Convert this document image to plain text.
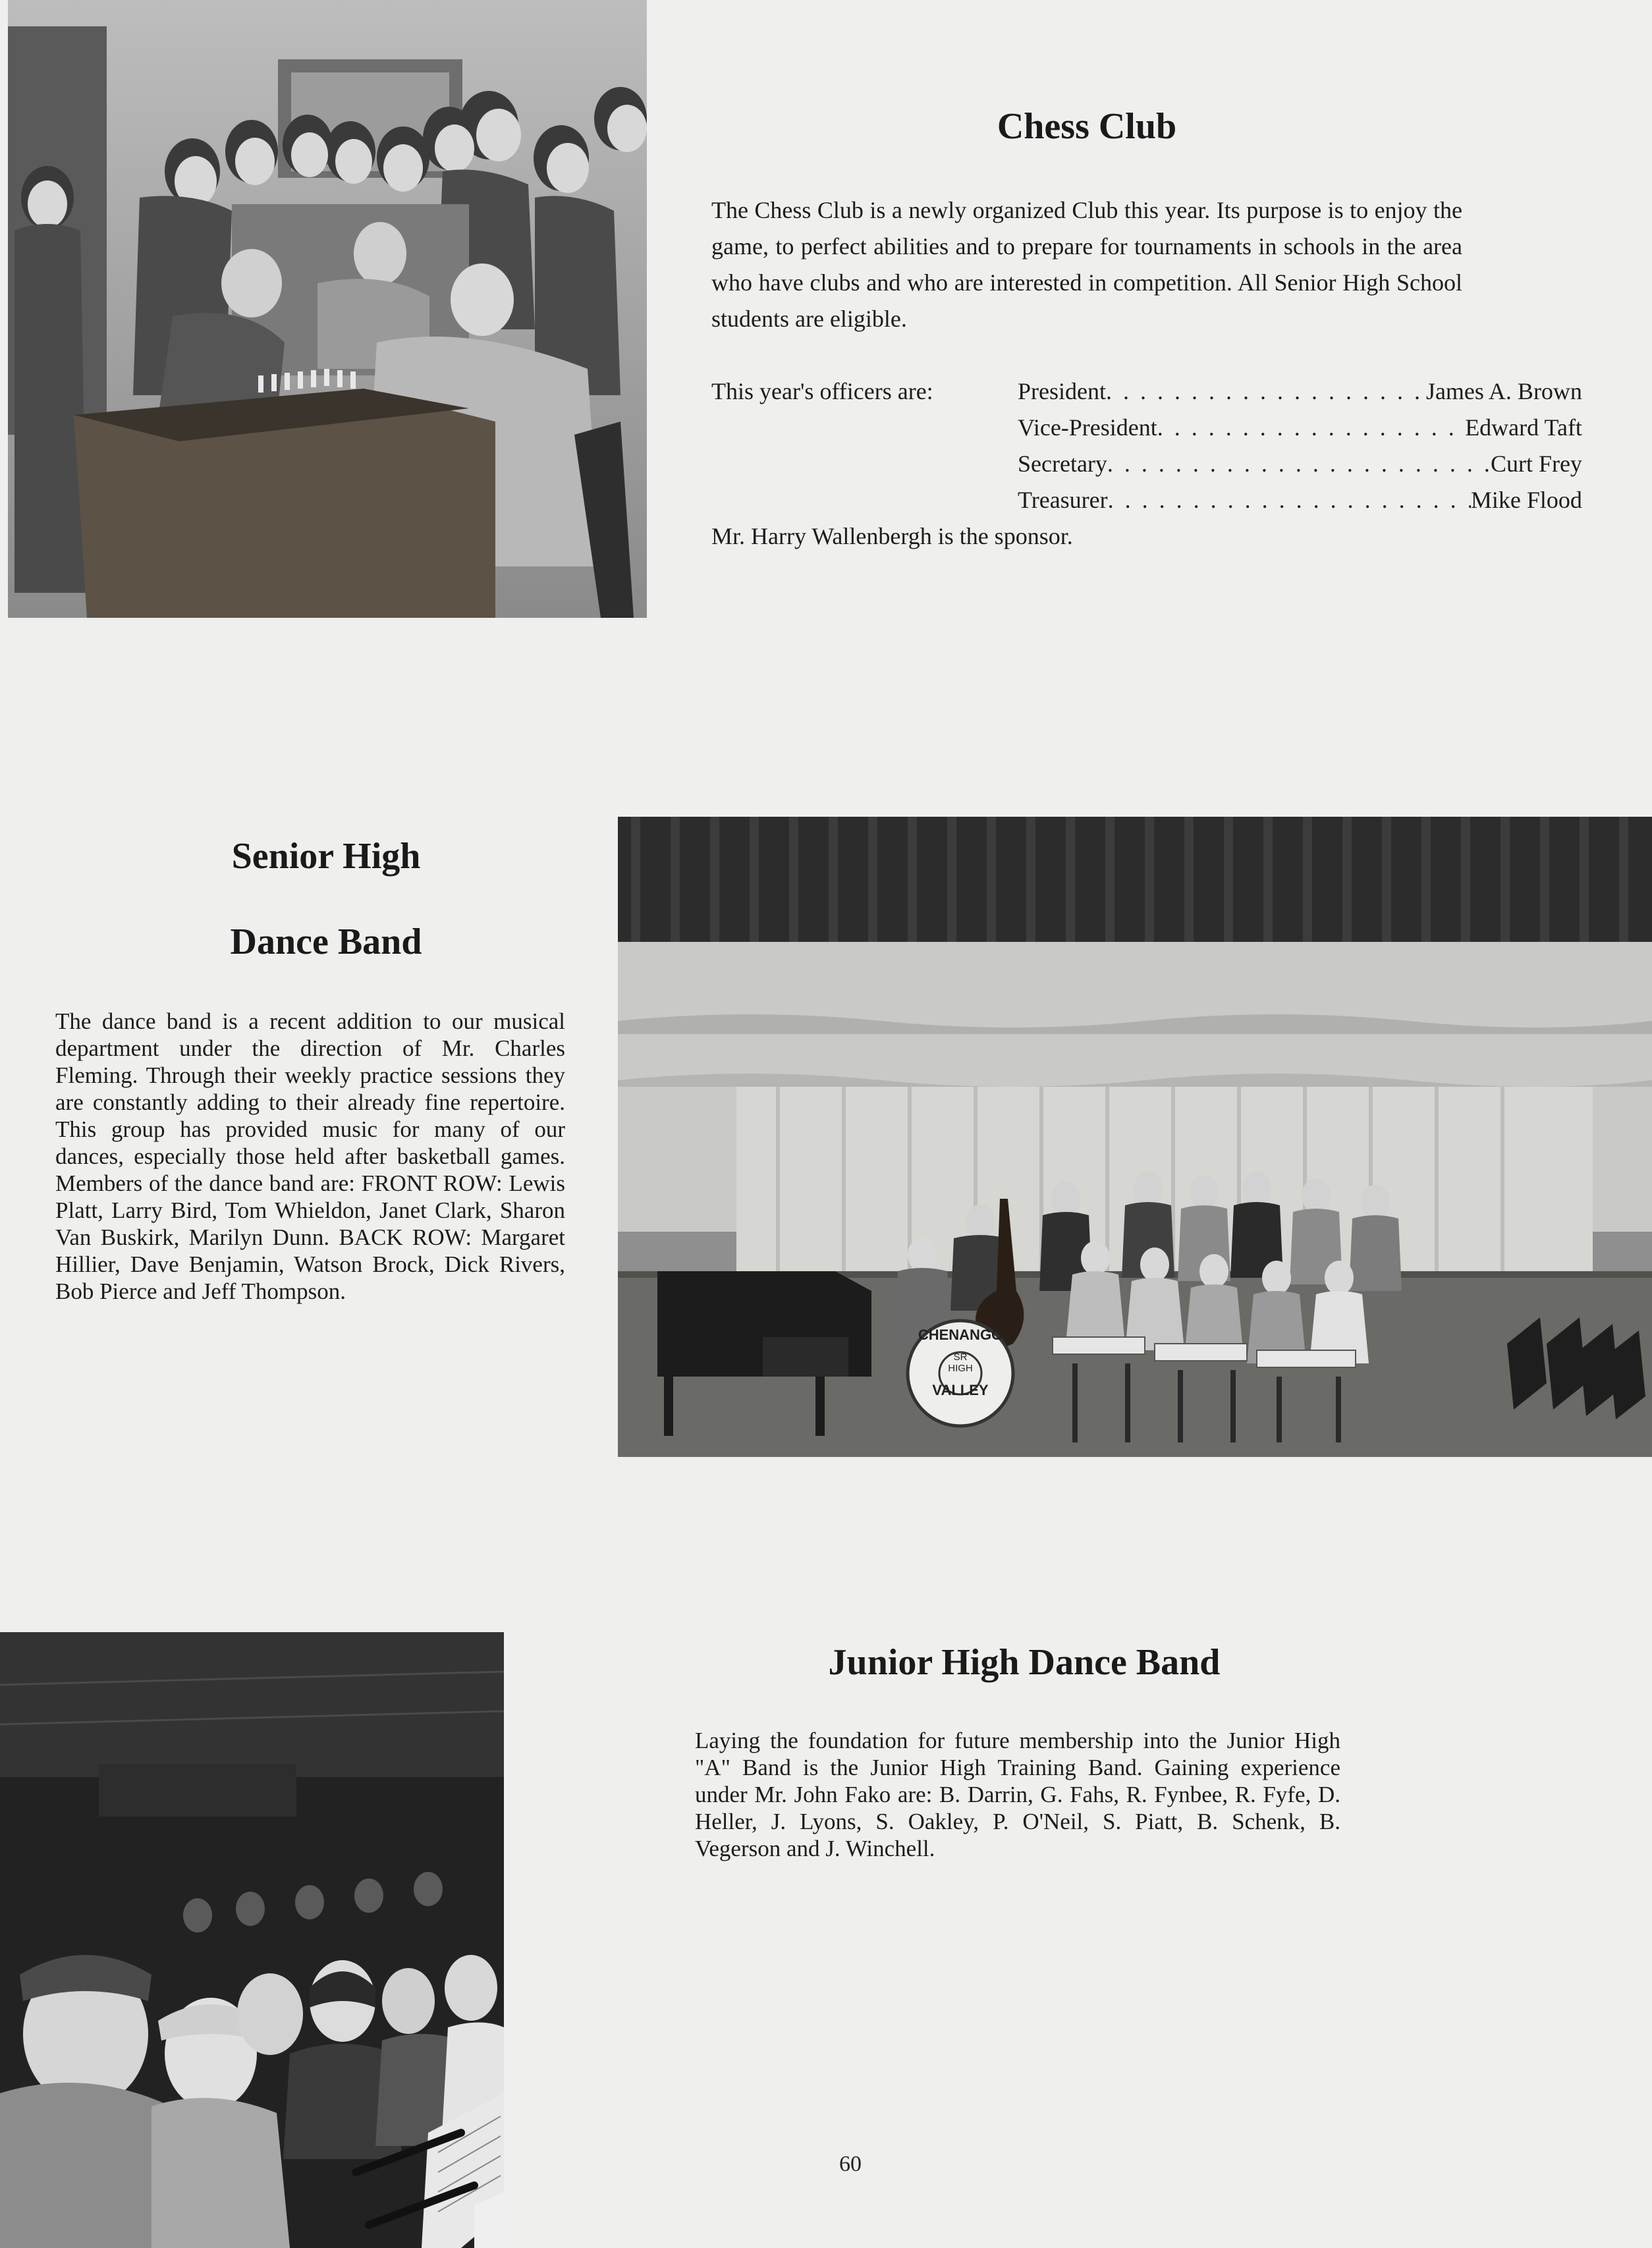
Chess Club

The Chess Club is a newly organized Club this year. Its purpose is to enjoy the game, to perfect abilities and to prepare for tournaments in schools in the area who have clubs and who are interested in competition. All Senior High School students are eligible.

This year's officers are:	President . . .	James A. Brown
Vice-President . . .	Edward Taft
Secretary . . .	Curt Frey
Treasurer . . .	Mike Flood
Mr. Harry Wallenbergh is the sponsor.
Senior High
Dance Band

The dance band is a recent addition to our musical department under the direction of Mr. Charles Fleming. Through their weekly practice sessions they are constantly adding to their already fine repertoire. This group has provided music for many of our dances, especially those held after basketball games. Members of the dance band are: FRONT ROW: Lewis Platt, Larry Bird, Tom Whieldon, Janet Clark, Sharon Van Buskirk, Marilyn Dunn. BACK ROW: Margaret Hillier, Dave Benjamin, Watson Brock, Dick Rivers, Bob Pierce and Jeff Thompson.

CHENANGO
SR
HIGH
VALLEY
Junior High Dance Band

Laying the foundation for future membership into the Junior High "A" Band is the Junior High Training Band. Gaining experience under Mr. John Fako are: B. Darrin, G. Fahs, R. Fynbee, R. Fyfe, D. Heller, J. Lyons, S. Oakley, P. O'Neil, S. Piatt, B. Schenk, B. Vegerson and J. Winchell.

60
